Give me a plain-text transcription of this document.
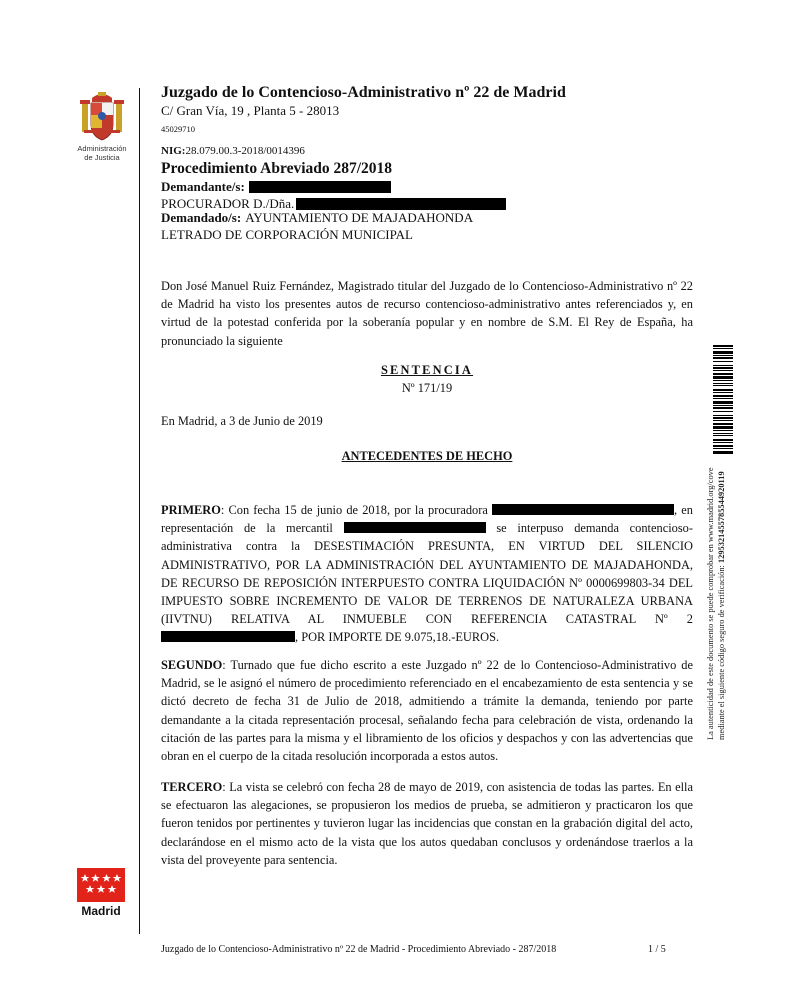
Administración
de Justicia
Madrid
Juzgado de lo Contencioso-Administrativo nº 22 de Madrid
C/ Gran Vía, 19 , Planta 5 - 28013
45029710
NIG:28.079.00.3-2018/0014396
Procedimiento Abreviado 287/2018
Demandante/s:
PROCURADOR D./Dña.
Demandado/s: AYUNTAMIENTO DE MAJADAHONDA
LETRADO DE CORPORACIÓN MUNICIPAL
Don José Manuel Ruiz Fernández, Magistrado titular del Juzgado de lo Contencioso-Administrativo nº 22 de Madrid ha visto los presentes autos de recurso contencioso-administrativo antes referenciados y, en virtud de la potestad conferida por la soberanía popular y en nombre de S.M. El Rey de España, ha pronunciado la siguiente
SENTENCIA
Nº 171/19
En Madrid, a 3 de Junio de 2019
ANTECEDENTES DE HECHO
PRIMERO: Con fecha 15 de junio de 2018, por la procuradora	, en representación de la mercantil	se interpuso demanda contencioso-administrativa contra la DESESTIMACIÓN PRESUNTA, EN VIRTUD DEL SILENCIO ADMINISTRATIVO, POR LA ADMINISTRACIÓN DEL AYUNTAMIENTO DE MAJADAHONDA, DE RECURSO DE REPOSICIÓN INTERPUESTO CONTRA LIQUIDACIÓN Nº 0000699803-34 DEL IMPUESTO SOBRE INCREMENTO DE VALOR DE TERRENOS DE NATURALEZA URBANA (IIVTNU) RELATIVA AL INMUEBLE CON REFERENCIA CATASTRAL Nº 2, POR IMPORTE DE 9.075,18.-EUROS.
SEGUNDO: Turnado que fue dicho escrito a este Juzgado nº 22 de lo Contencioso-Administrativo de Madrid, se le asignó el número de procedimiento referenciado en el encabezamiento de esta sentencia y se dictó decreto de fecha 31 de Julio de 2018, admitiendo a trámite la demanda, teniendo por parte demandante a la citada representación procesal, señalando fecha para celebración de vista, ordenando la citación de las partes para la misma y el libramiento de los oficios y despachos y con las advertencias que obran en el cuerpo de la citada resolución incorporada a estos autos.
TERCERO: La vista se celebró con fecha 28 de mayo de 2019, con asistencia de todas las partes. En ella se efectuaron las alegaciones, se propusieron los medios de prueba, se admitieron y practicaron los que fueron tenidos por pertinentes y tuvieron lugar las incidencias que constan en la grabación digital del acto, declarándose en el mismo acto de la vista que los autos quedaban conclusos y ordenándose traerlos a la vista del proveyente para sentencia.
La autenticidad de este documento se puede comprobar en www.madrid.org/cove mediante el siguiente código seguro de verificación: 1295321455785544920119
Juzgado de lo Contencioso-Administrativo nº 22 de Madrid - Procedimiento Abreviado - 287/2018	1 / 5
